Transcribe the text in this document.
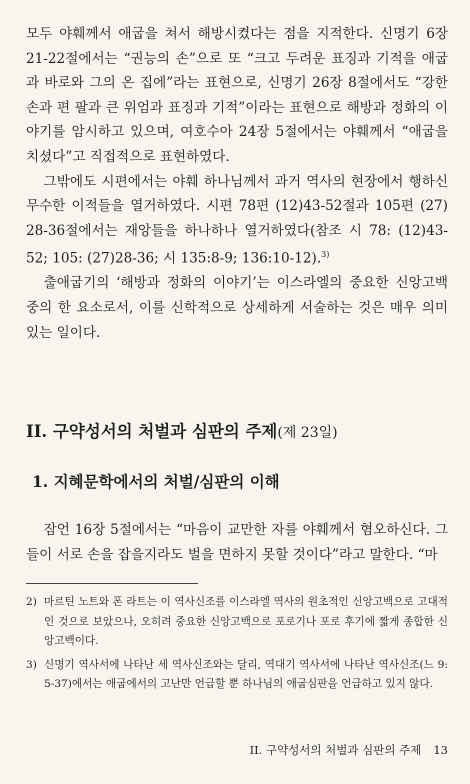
모두 야훼께서 애굽을 쳐서 해방시켰다는 점을 지적한다. 신명기 6장 21-22절에서는 “권능의 손”으로 또 “크고 두려운 표징과 기적을 애굽과 바로와 그의 온 집에”라는 표현으로, 신명기 26장 8절에서도 “강한 손과 편 팔과 큰 위엄과 표징과 기적”이라는 표현으로 해방과 정화의 이야기를 암시하고 있으며, 여호수아 24장 5절에서는 야훼께서 “애굽을 치셨다”고 직접적으로 표현하였다.

그밖에도 시편에서는 야훼 하나님께서 과거 역사의 현장에서 행하신 무수한 이적들을 열거하였다. 시편 78편 (12)43-52절과 105편 (27) 28-36절에서는 재앙들을 하나하나 열거하였다(참조 시 78: (12)43-52; 105: (27)28-36; 시 135:8-9; 136:10-12).$^{3)}$

출애굽기의 ‘해방과 정화의 이야기’는 이스라엘의 중요한 신앙고백 중의 한 요소로서, 이를 신학적으로 상세하게 서술하는 것은 매우 의미 있는 일이다.

II. 구약성서의 처벌과 심판의 주제(제 23일)
1. 지혜문학에서의 처벌/심판의 이해

잠언 16장 5절에서는 “마음이 교만한 자를 야훼께서 혐오하신다. 그들이 서로 손을 잡을지라도 벌을 면하지 못할 것이다”라고 말한다. “마

2) 마르틴 노트와 폰 라트는 이 역사신조를 이스라엘 역사의 원초적인 신앙고백으로 고대적인 것으로 보았으나, 오히려 중요한 신앙고백으로 포로기나 포로 후기에 짧게 종합한 신앙고백이다.

3) 신명기 역사서에 나타난 세 역사신조와는 달리, 역대기 역사서에 나타난 역사신조(느 9: 5-37)에서는 애굽에서의 고난만 언급할 뿐 하나님의 애굽심판을 언급하고 있지 않다.

II. 구약성서의 처벌과 심판의 주제 13
